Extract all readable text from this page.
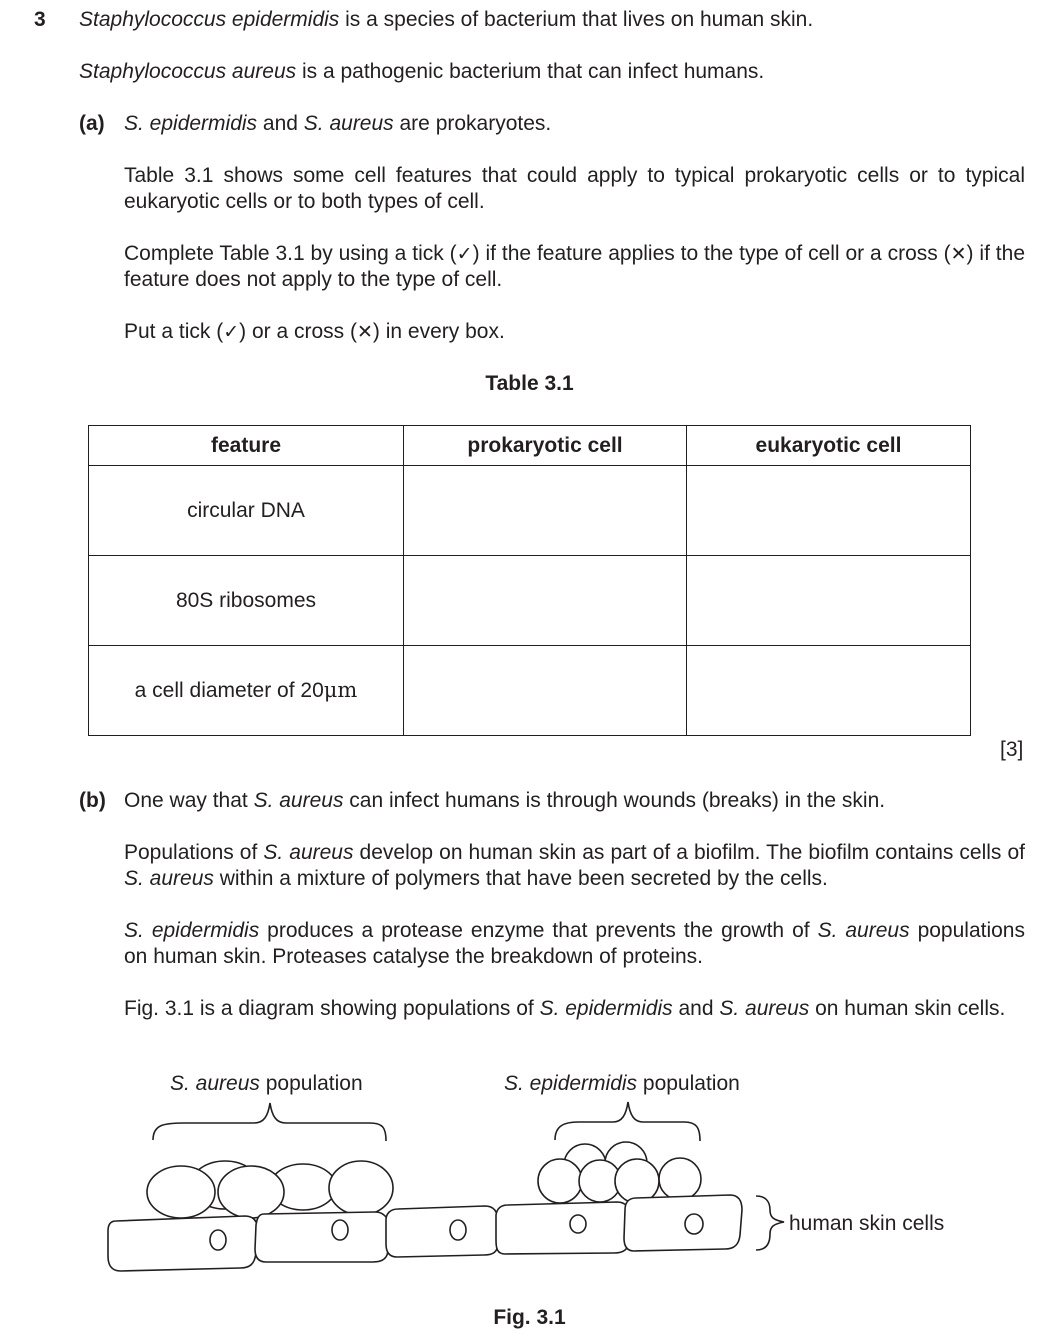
3 Staphylococcus epidermidis is a species of bacterium that lives on human skin.
Staphylococcus aureus is a pathogenic bacterium that can infect humans.
(a) S. epidermidis and S. aureus are prokaryotes.
Table 3.1 shows some cell features that could apply to typical prokaryotic cells or to typical eukaryotic cells or to both types of cell.
Complete Table 3.1 by using a tick (✓) if the feature applies to the type of cell or a cross (✕) if the feature does not apply to the type of cell.
Put a tick (✓) or a cross (✕) in every box.
Table 3.1
feature	prokaryotic cell	eukaryotic cell
circular DNA		
80S ribosomes		
a cell diameter of 20μm		
[3]
(b) One way that S. aureus can infect humans is through wounds (breaks) in the skin.
Populations of S. aureus develop on human skin as part of a biofilm. The biofilm contains cells of S. aureus within a mixture of polymers that have been secreted by the cells.
S. epidermidis produces a protease enzyme that prevents the growth of S. aureus populations on human skin. Proteases catalyse the breakdown of proteins.
Fig. 3.1 is a diagram showing populations of S. epidermidis and S. aureus on human skin cells.
S. aureus population	S. epidermidis population
human skin cells
Fig. 3.1
